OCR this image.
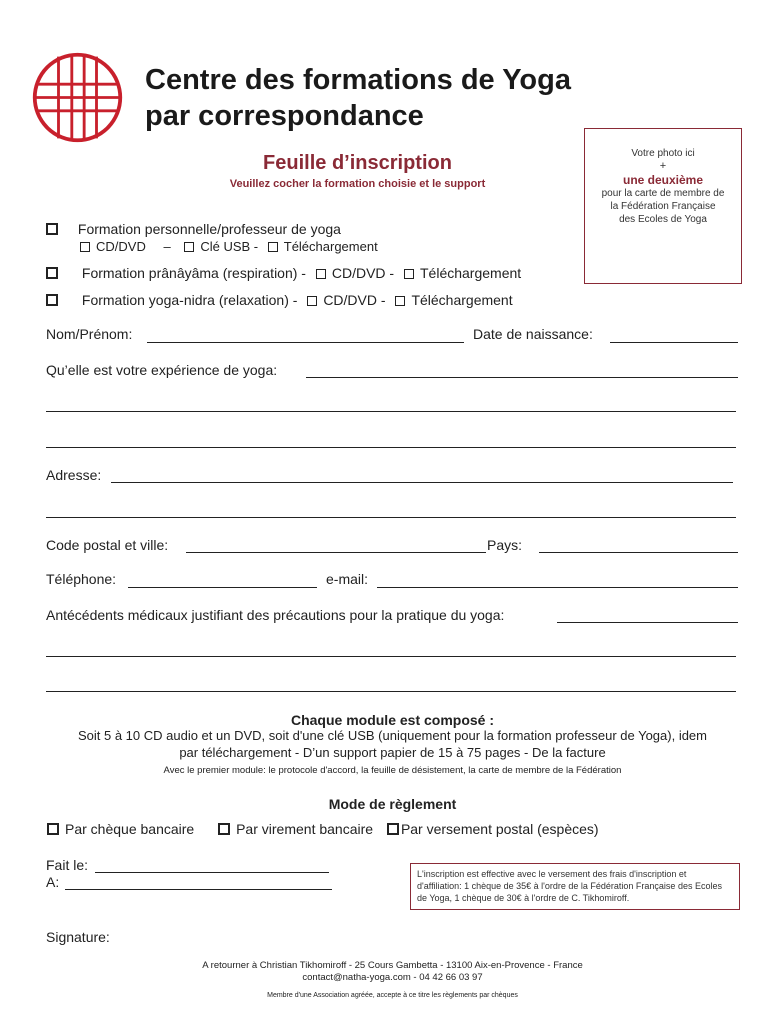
Centre des formations de Yoga
par correspondance
Votre photo ici
+
une deuxième
pour la carte de membre de
la Fédération Française
des Ecoles de Yoga
Feuille d’inscription
Veuillez cocher la formation choisie et le support
Formation personnelle/professeur de yoga
CD/DVD – Clé USB - Téléchargement
Formation prânâyâma (respiration) - CD/DVD - Téléchargement
Formation yoga-nidra (relaxation) - CD/DVD - Téléchargement
Nom/Prénom:	Date de naissance:
Qu’elle est votre expérience de yoga:
Adresse:
Code postal et ville:	Pays:
Téléphone:	e-mail:
Antécédents médicaux justifiant des précautions pour la pratique du yoga:
Chaque module est composé :
Soit 5 à 10 CD audio et un DVD, soit d'une clé USB (uniquement pour la formation professeur de Yoga), idem
par téléchargement - D’un support papier de 15 à 75 pages - De la facture
Avec le premier module: le protocole d'accord, la feuille de désistement, la carte de membre de la Fédération
Mode de règlement
Par chèque bancaire	Par virement bancaire Par versement postal (espèces)
Fait le:
A:	L'inscription est effective avec le versement des frais d'inscription et d'affiliation: 1 chèque de 35€ à l'ordre de la Fédération Française des Ecoles de Yoga, 1 chèque de 30€ à l'ordre de C. Tikhomiroff.
Signature:
A retourner à Christian Tikhomiroff - 25 Cours Gambetta - 13100 Aix-en-Provence - France
contact@natha-yoga.com - 04 42 66 03 97
Membre d'une Association agréée, accepte à ce titre les règlements par chèques
